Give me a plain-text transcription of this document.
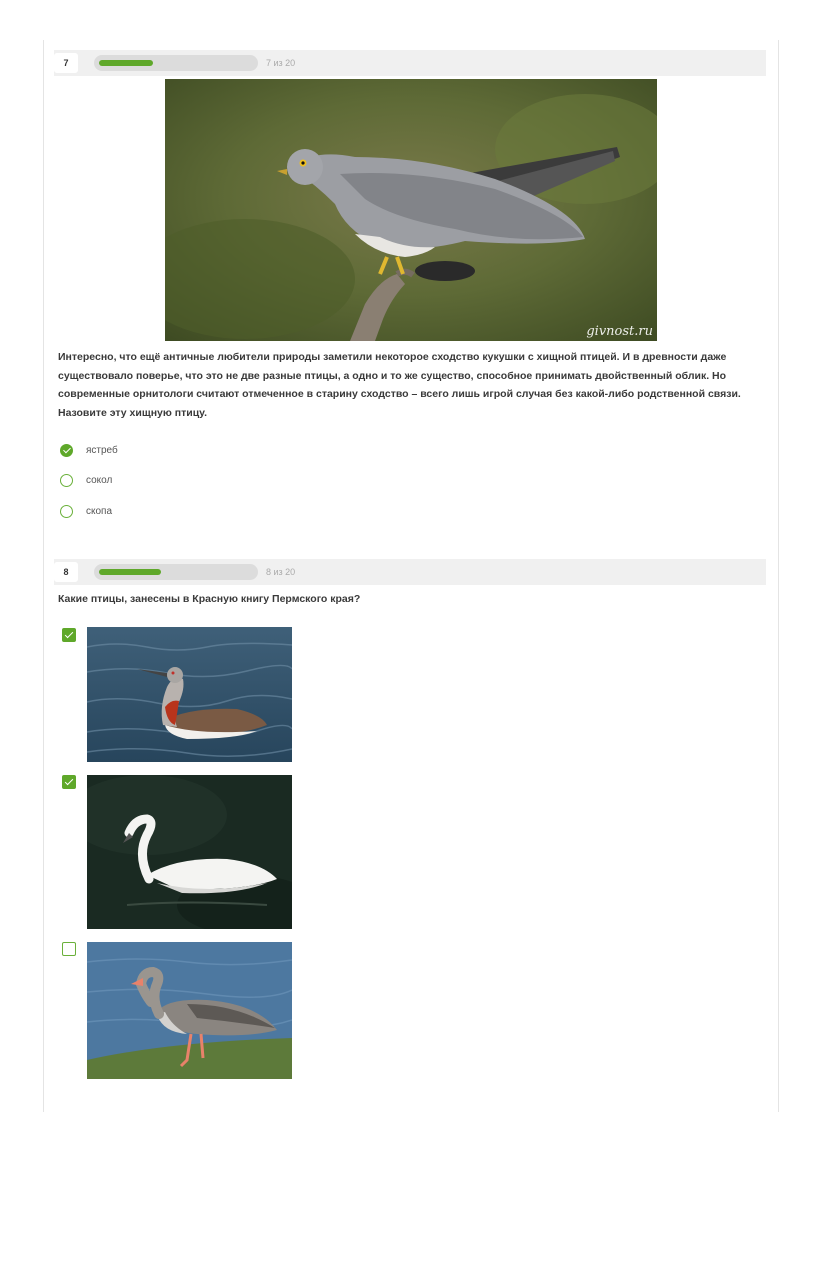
7	7 из 20
givnost.ru
Интересно, что ещё античные любители природы заметили некоторое сходство кукушки с хищной птицей. И в древности даже существовало поверье, что это не две разные птицы, а одно и то же существо, способное принимать двойственный облик. Но современные орнитологи считают отмеченное в старину сходство – всего лишь игрой случая без какой-либо родственной связи. Назовите эту хищную птицу.
ястреб
сокол
скопа
8	8 из 20
Какие птицы, занесены в Красную книгу Пермского края?
